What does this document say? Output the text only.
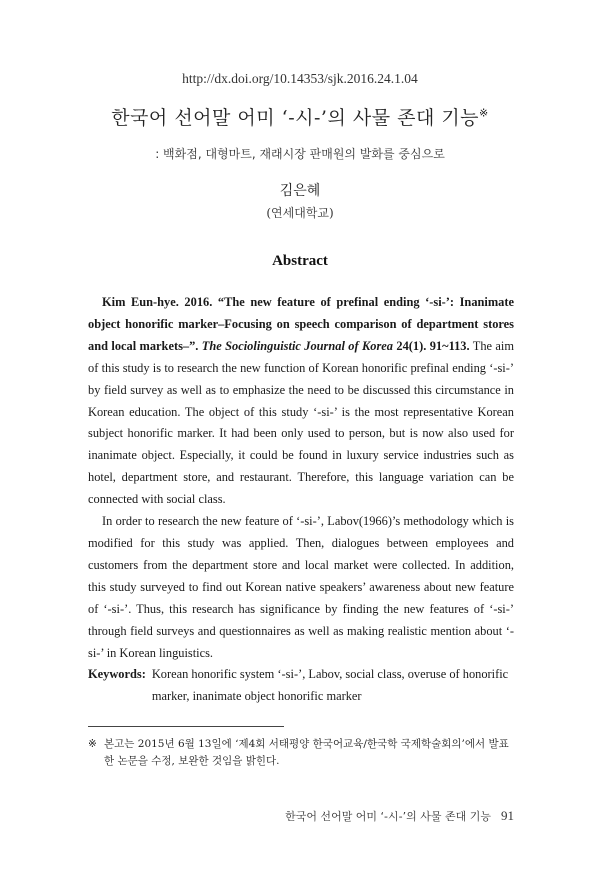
http://dx.doi.org/10.14353/sjk.2016.24.1.04
한국어 선어말 어미 ‘-시-’의 사물 존대 기능※
: 백화점, 대형마트, 재래시장 판매원의 발화를 중심으로
김은혜
(연세대학교)
Abstract

Kim Eun-hye. 2016. “The new feature of prefinal ending ‘-si-’: Inanimate object honorific marker–Focusing on speech comparison of department stores and local markets–”. The Sociolinguistic Journal of Korea 24(1). 91~113. The aim of this study is to research the new function of Korean honorific prefinal ending ‘-si-’ by field survey as well as to emphasize the need to be discussed this circumstance in Korean education. The object of this study ‘-si-’ is the most representative Korean subject honorific marker. It had been only used to person, but is now also used for inanimate object. Especially, it could be found in luxury service industries such as hotel, department store, and restaurant. Therefore, this language variation can be connected with social class.

In order to research the new feature of ‘-si-’, Labov(1966)’s methodology which is modified for this study was applied. Then, dialogues between employees and customers from the department store and local market were collected. In addition, this study surveyed to find out Korean native speakers’ awareness about new feature of ‘-si-’. Thus, this research has significance by finding the new features of ‘-si-’ through field surveys and questionnaires as well as making realistic mention about ‘-si-’ in Korean linguistics.

Keywords: Korean honorific system ‘-si-’, Labov, social class, overuse of honorific marker, inanimate object honorific marker
※ 본고는 2015년 6월 13일에 ‘제4회 서태평양 한국어교육/한국학 국제학술회의’에서 발표한 논문을 수정, 보완한 것임을 밝힌다.
한국어 선어말 어미 ‘-시-’의 사물 존대 기능 91
